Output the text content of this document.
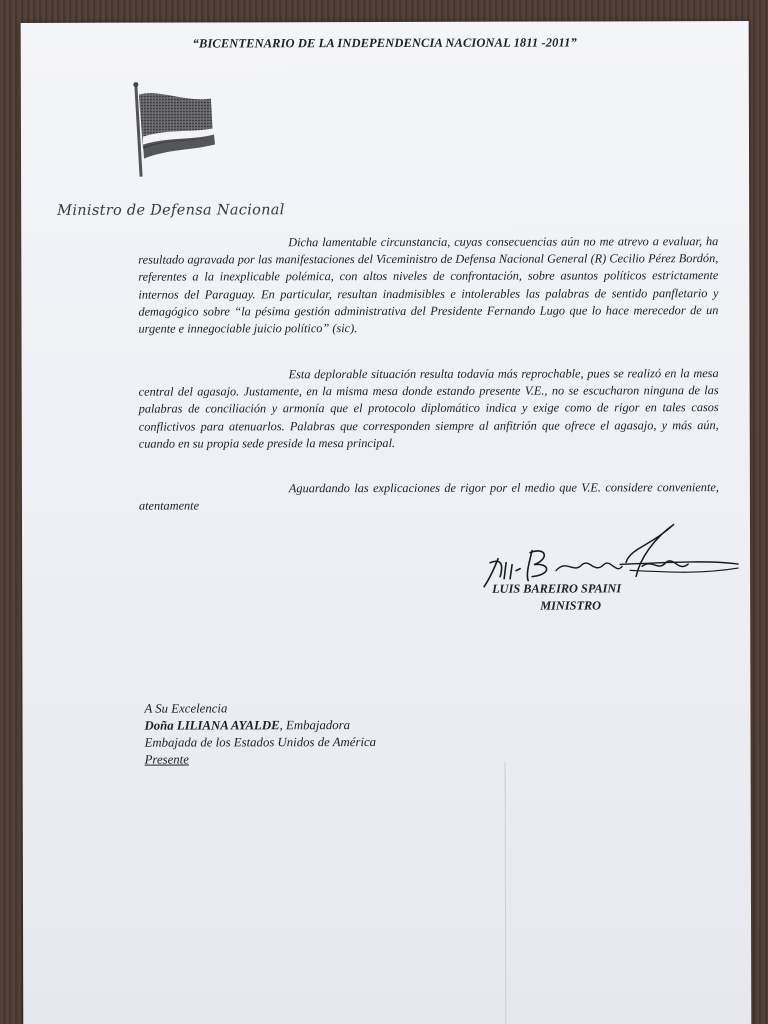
“BICENTENARIO DE LA INDEPENDENCIA NACIONAL 1811 -2011”
Ministro de Defensa Nacional

Dicha lamentable circunstancia, cuyas consecuencias aún no me atrevo a evaluar, ha resultado agravada por las manifestaciones del Viceministro de Defensa Nacional General (R) Cecilio Pérez Bordón, referentes a la inexplicable polémica, con altos niveles de confrontación, sobre asuntos políticos estrictamente internos del Paraguay. En particular, resultan inadmisibles e intolerables las palabras de sentido panfletario y demagógico sobre “la pésima gestión administrativa del Presidente Fernando Lugo que lo hace merecedor de un urgente e innegociable juicio político” (sic).

Esta deplorable situación resulta todavía más reprochable, pues se realizó en la mesa central del agasajo. Justamente, en la misma mesa donde estando presente V.E., no se escucharon ninguna de las palabras de conciliación y armonía que el protocolo diplomático indica y exige como de rigor en tales casos conflictivos para atenuarlos. Palabras que corresponden siempre al anfitrión que ofrece el agasajo, y más aún, cuando en su propia sede preside la mesa principal.

Aguardando las explicaciones de rigor por el medio que V.E. considere conveniente, atentamente

LUIS BAREIRO SPAINI
MINISTRO
A Su Excelencia
Doña LILIANA AYALDE, Embajadora
Embajada de los Estados Unidos de América
Presente
